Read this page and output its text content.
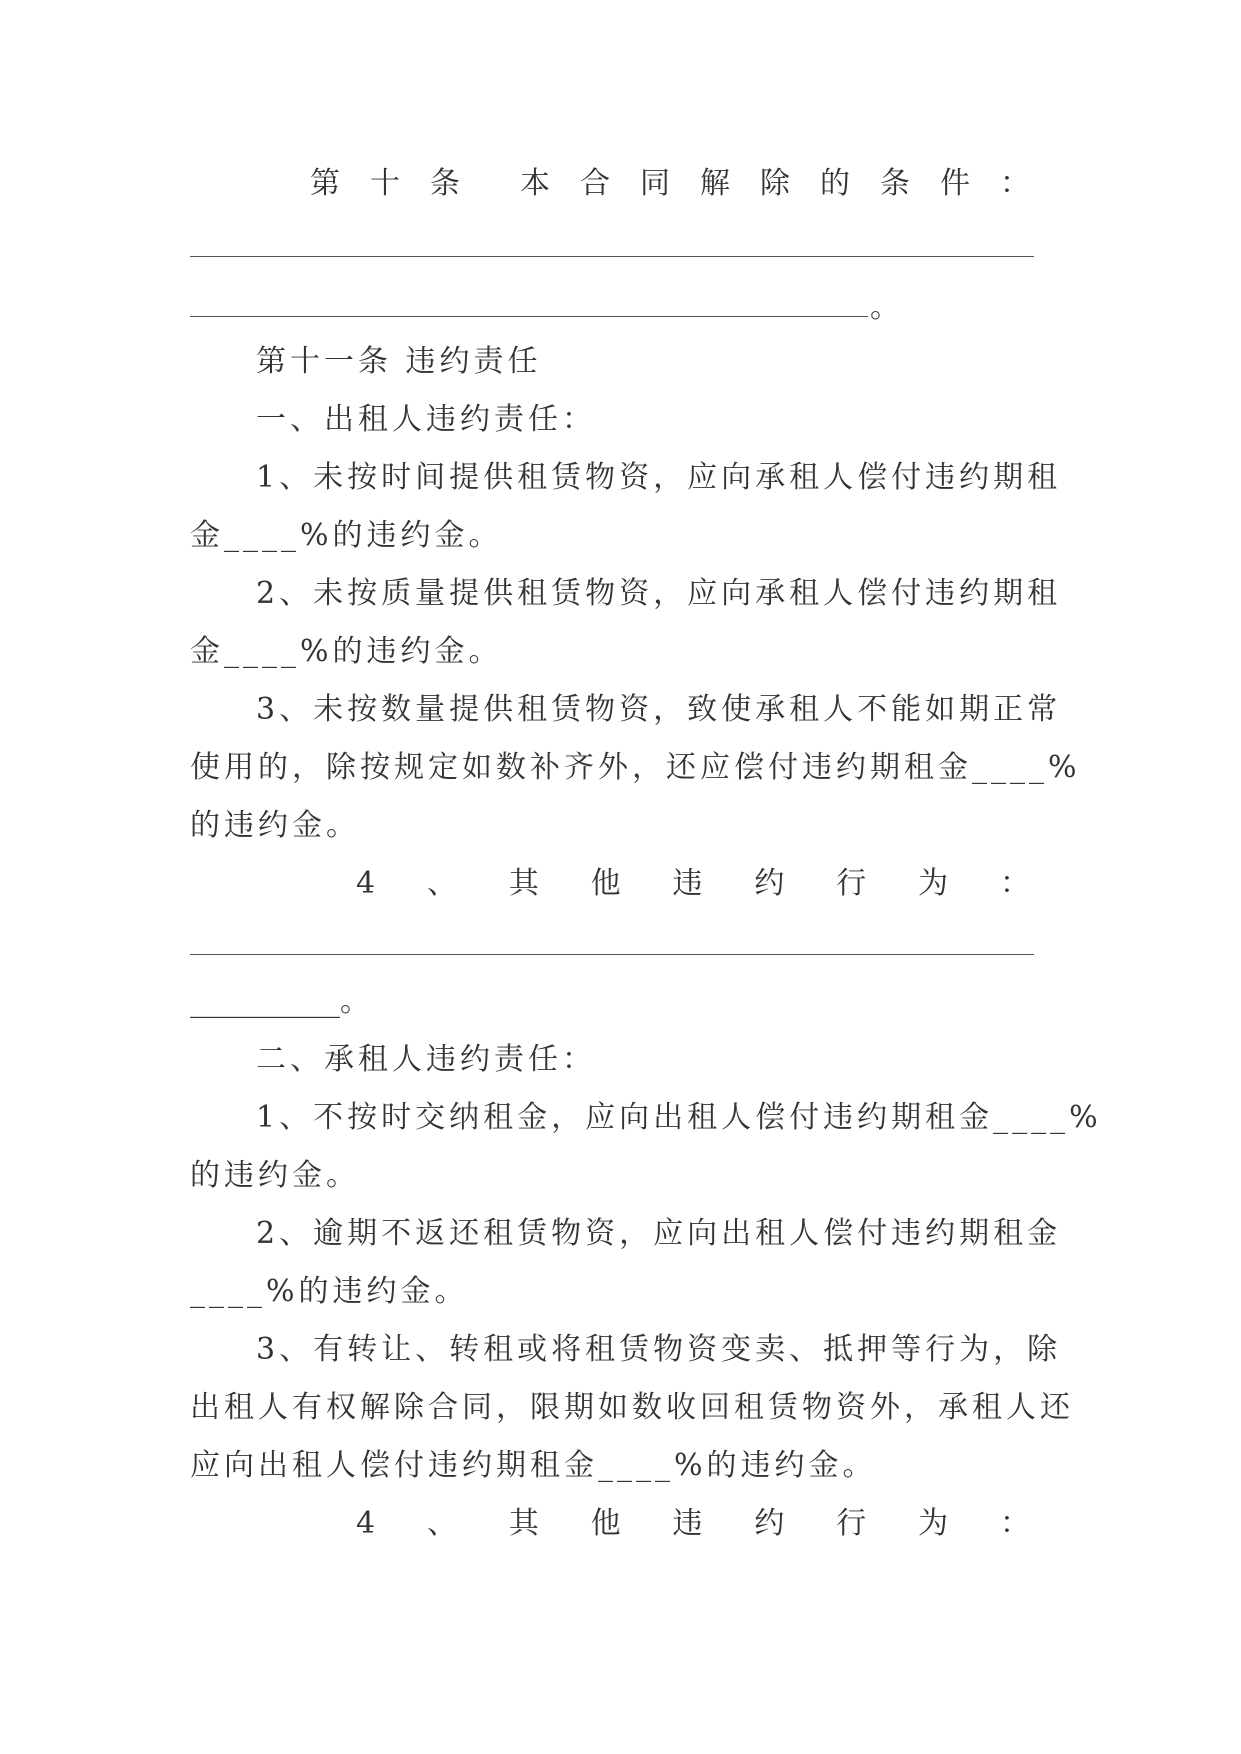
第 十 条 本 合 同 解 除 的 条 件 ：
。
第十一条 违约责任
一、出租人违约责任：
1、未按时间提供租赁物资，应向承租人偿付违约期租
金____%的违约金。
2、未按质量提供租赁物资，应向承租人偿付违约期租
金____%的违约金。
3、未按数量提供租赁物资，致使承租人不能如期正常
使用的，除按规定如数补齐外，还应偿付违约期租金____%
的违约金。
4 、 其 他 违 约 行 为 ：
__________。
二、承租人违约责任：
1、不按时交纳租金，应向出租人偿付违约期租金____%
的违约金。
2、逾期不返还租赁物资，应向出租人偿付违约期租金
____%的违约金。
3、有转让、转租或将租赁物资变卖、抵押等行为，除
出租人有权解除合同，限期如数收回租赁物资外，承租人还
应向出租人偿付违约期租金____%的违约金。
4 、 其 他 违 约 行 为 ：
